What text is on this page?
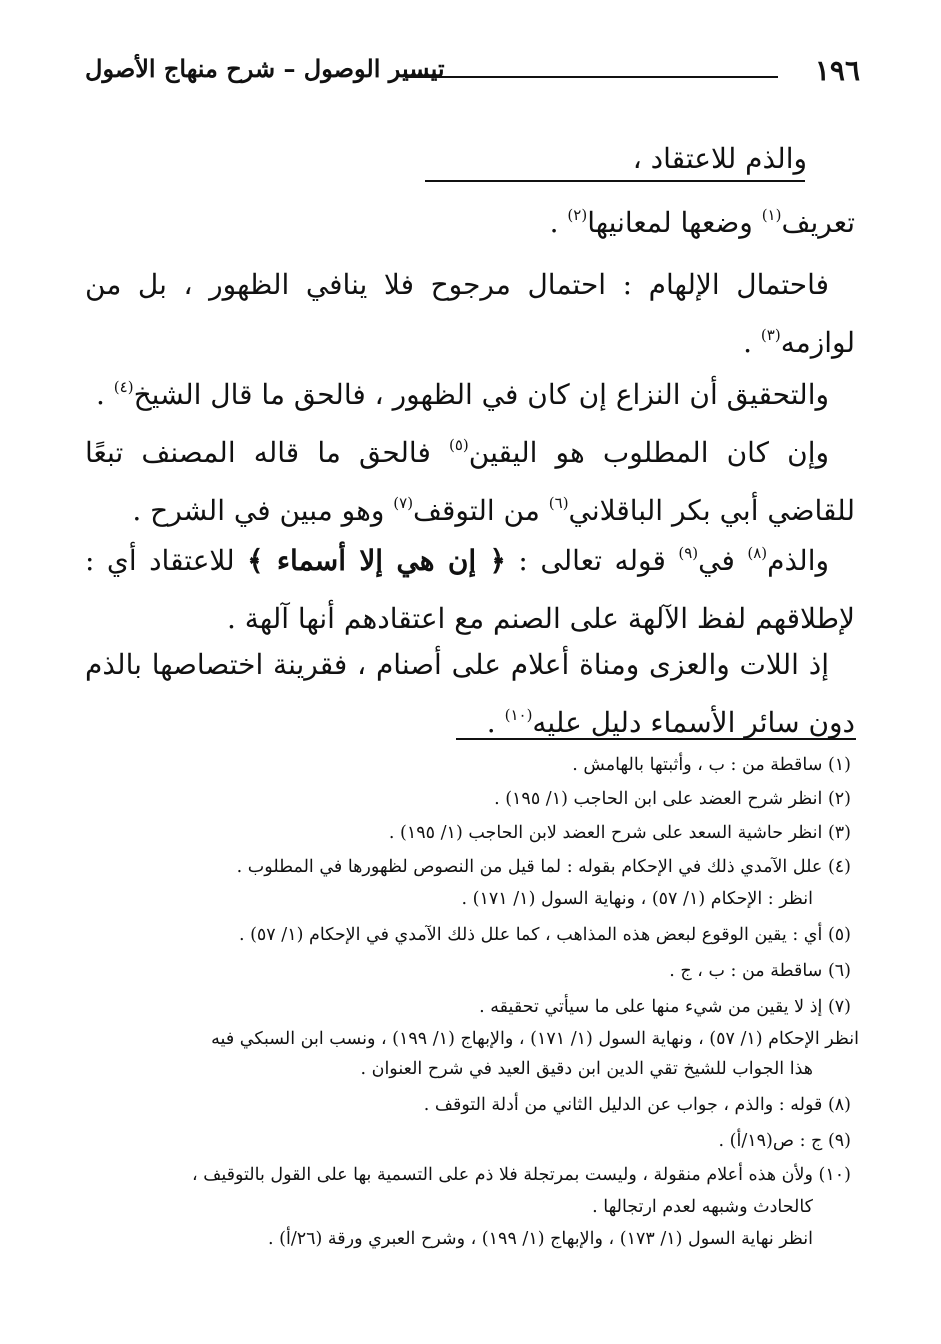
١٩٦
تيسير الوصول – شرح منهاج الأصول
والذم للاعتقاد ،
تعريف$^{(١)}$ وضعها لمعانيها$^{(٢)}$ .
فاحتمال الإلهام : احتمال مرجوح فلا ينافي الظهور ، بل من لوازمه$^{(٣)}$ .
والتحقيق أن النزاع إن كان في الظهور ، فالحق ما قال الشيخ$^{(٤)}$ .
وإن كان المطلوب هو اليقين$^{(٥)}$ فالحق ما قاله المصنف تبعًا للقاضي أبي بكر الباقلاني$^{(٦)}$ من التوقف$^{(٧)}$ وهو مبين في الشرح .
والذم$^{(٨)}$ في$^{(٩)}$ قوله تعالى : ﴿ إن هي إلا أسماء ﴾ للاعتقاد أي : لإطلاقهم لفظ الآلهة على الصنم مع اعتقادهم أنها آلهة .
إذ اللات والعزى ومناة أعلام على أصنام ، فقرينة اختصاصها بالذم دون سائر الأسماء دليل عليه$^{(١٠)}$ .
(١) ساقطة من : ب ، وأثبتها بالهامش .
(٢) انظر شرح العضد على ابن الحاجب (١/ ١٩٥) .
(٣) انظر حاشية السعد على شرح العضد لابن الحاجب (١/ ١٩٥) .
(٤) علل الآمدي ذلك في الإحكام بقوله : لما قيل من النصوص لظهورها في المطلوب .
انظر : الإحكام (١/ ٥٧) ، ونهاية السول (١/ ١٧١) .
(٥) أي : يقين الوقوع لبعض هذه المذاهب ، كما علل ذلك الآمدي في الإحكام (١/ ٥٧) .
(٦) ساقطة من : ب ، ج .
(٧) إذ لا يقين من شيء منها على ما سيأتي تحقيقه .
انظر الإحكام (١/ ٥٧) ، ونهاية السول (١/ ١٧١) ، والإبهاج (١/ ١٩٩) ، ونسب ابن السبكي فيه
هذا الجواب للشيخ تقي الدين ابن دقيق العيد في شرح العنوان .
(٨) قوله : والذم ، جواب عن الدليل الثاني من أدلة التوقف .
(٩) ج : ص(١٩/أ) .
(١٠) ولأن هذه أعلام منقولة ، وليست بمرتجلة فلا ذم على التسمية بها على القول بالتوقيف ،
كالحادث وشبهه لعدم ارتجالها .
انظر نهاية السول (١/ ١٧٣) ، والإبهاج (١/ ١٩٩) ، وشرح العبري ورقة (٢٦/أ) .
